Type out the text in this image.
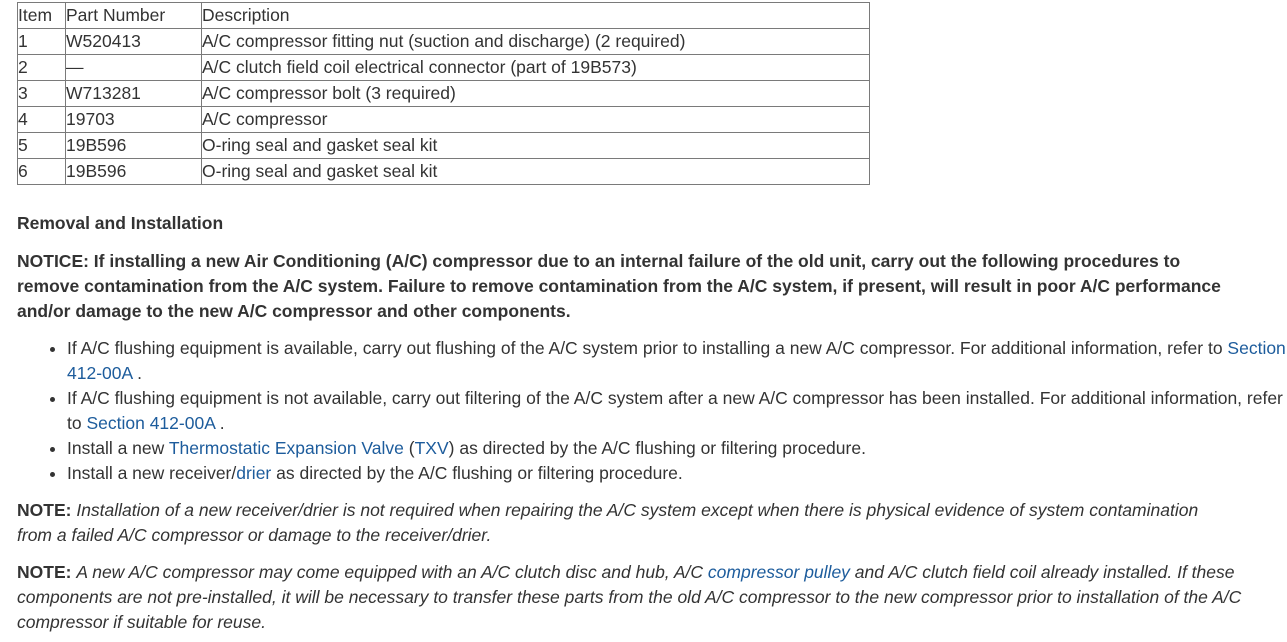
Item	Part Number	Description
1	W520413	A/C compressor fitting nut (suction and discharge) (2 required)
2	—	A/C clutch field coil electrical connector (part of 19B573)
3	W713281	A/C compressor bolt (3 required)
4	19703	A/C compressor
5	19B596	O-ring seal and gasket seal kit
6	19B596	O-ring seal and gasket seal kit
Removal and Installation
NOTICE: If installing a new Air Conditioning (A/C) compressor due to an internal failure of the old unit, carry out the following procedures to remove contamination from the A/C system. Failure to remove contamination from the A/C system, if present, will result in poor A/C performance and/or damage to the new A/C compressor and other components.
• If A/C flushing equipment is available, carry out flushing of the A/C system prior to installing a new A/C compressor. For additional information, refer to Section 412-00A .
• If A/C flushing equipment is not available, carry out filtering of the A/C system after a new A/C compressor has been installed. For additional information, refer to Section 412-00A .
• Install a new Thermostatic Expansion Valve (TXV) as directed by the A/C flushing or filtering procedure.
• Install a new receiver/drier as directed by the A/C flushing or filtering procedure.
NOTE: Installation of a new receiver/drier is not required when repairing the A/C system except when there is physical evidence of system contamination from a failed A/C compressor or damage to the receiver/drier.
NOTE: A new A/C compressor may come equipped with an A/C clutch disc and hub, A/C compressor pulley and A/C clutch field coil already installed. If these components are not pre-installed, it will be necessary to transfer these parts from the old A/C compressor to the new compressor prior to installation of the A/C compressor if suitable for reuse.
